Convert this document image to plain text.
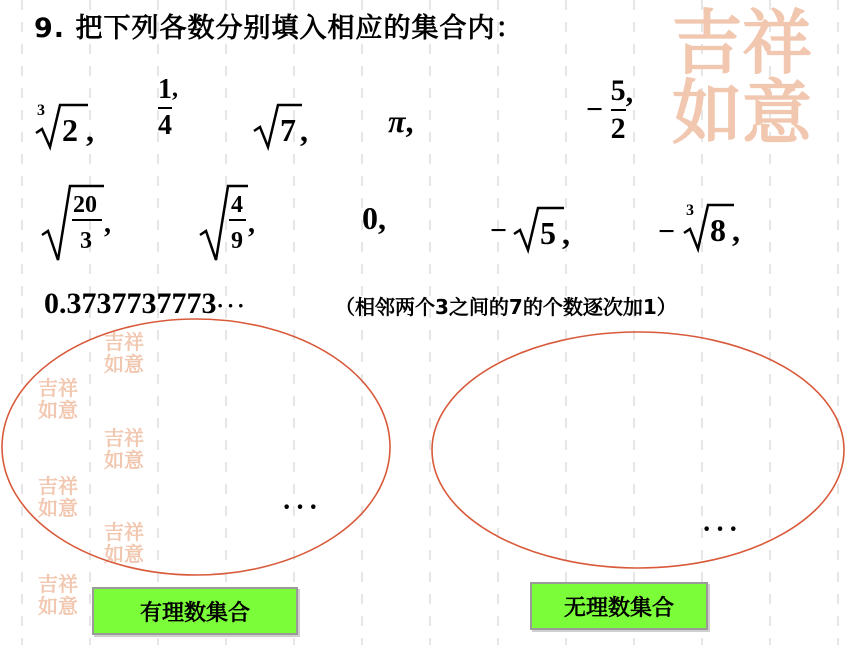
吉祥 如意
吉祥 如意
吉祥 如意
吉祥 如意
吉祥 如意
吉祥 如意
吉祥 如意
9. 把下列各数分别填入相应的集合内：
3
2 , $\frac{1}{4}$ ,
7 ,	π,	− $\frac{5}{2}$ ,
20
3
,
4
9
,	0,	− 5 ,	−
3
8 ,
0.3737737773···	（相邻两个3之间的7的个数逐次加1）
···
···
有理数集合	无理数集合
